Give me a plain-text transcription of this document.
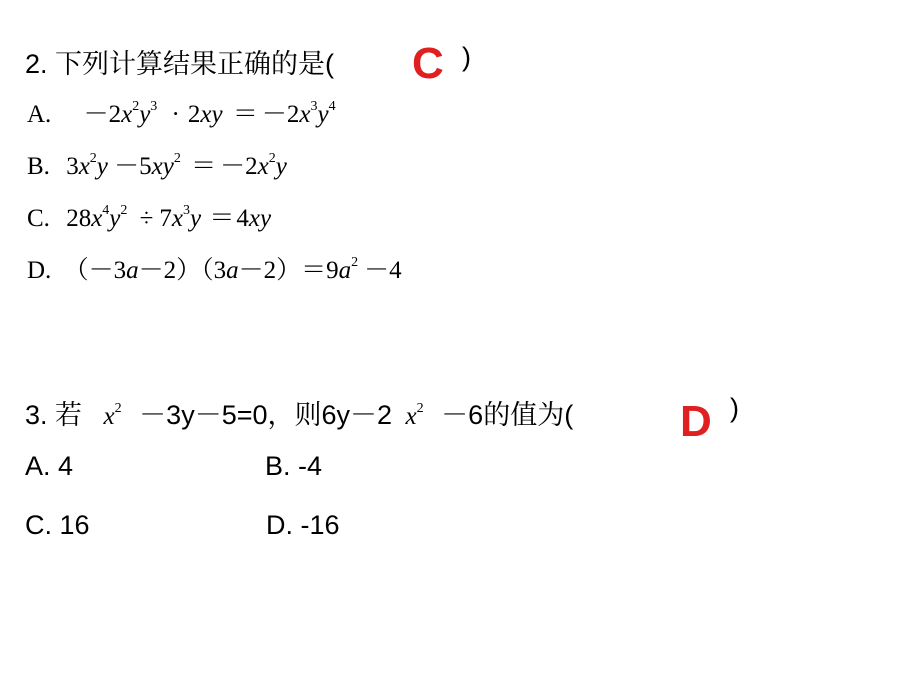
2. 下列计算结果正确的是( C )
A. $-2x^2y^3 \cdot 2xy = -2x^3y^4$
B. $3x^2y -5xy^2 = -2x^2y$
C. $28x^4y^2 \div 7x^3y =4xy$
D. $(-3a-2)(3a-2)=9a^2 -4$
3. 若 $x^2 -3y-5=0$，则6y－2 $x^2 -6$的值为( D )
A. 4	B. -4
C. 16	D. -16
